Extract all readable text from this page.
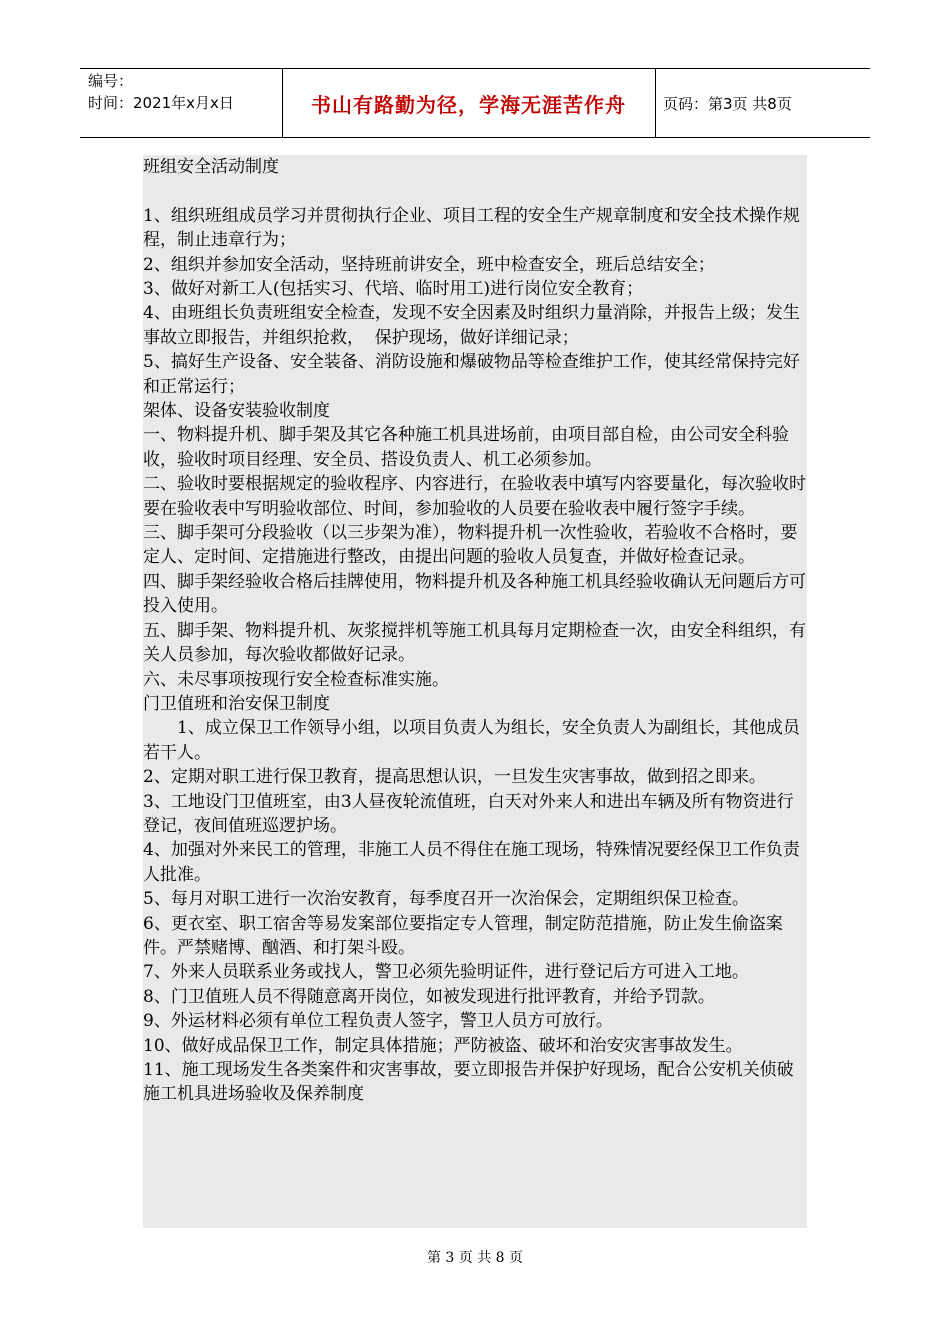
编号：
时间：2021年x月x日	书山有路勤为径，学海无涯苦作舟	页码：第3页 共8页

班组安全活动制度

1、组织班组成员学习并贯彻执行企业、项目工程的安全生产规章制度和安全技术操作规程，制止违章行为；

2、组织并参加安全活动，坚持班前讲安全，班中检查安全，班后总结安全；

3、做好对新工人(包括实习、代培、临时用工)进行岗位安全教育；

4、由班组长负责班组安全检查，发现不安全因素及时组织力量消除，并报告上级；发生事故立即报告，并组织抢救，  保护现场，做好详细记录；

5、搞好生产设备、安全装备、消防设施和爆破物品等检查维护工作，使其经常保持完好和正常运行；

架体、设备安装验收制度

一、物料提升机、脚手架及其它各种施工机具进场前，由项目部自检，由公司安全科验收，验收时项目经理、安全员、搭设负责人、机工必须参加。

二、验收时要根据规定的验收程序、内容进行，在验收表中填写内容要量化，每次验收时要在验收表中写明验收部位、时间，参加验收的人员要在验收表中履行签字手续。

三、脚手架可分段验收（以三步架为准），物料提升机一次性验收，若验收不合格时，要定人、定时间、定措施进行整改，由提出问题的验收人员复查，并做好检查记录。

四、脚手架经验收合格后挂牌使用，物料提升机及各种施工机具经验收确认无问题后方可投入使用。

五、脚手架、物料提升机、灰浆搅拌机等施工机具每月定期检查一次，由安全科组织，有关人员参加，每次验收都做好记录。

六、未尽事项按现行安全检查标准实施。

门卫值班和治安保卫制度

1、成立保卫工作领导小组，以项目负责人为组长，安全负责人为副组长，其他成员若干人。

2、定期对职工进行保卫教育，提高思想认识，一旦发生灾害事故，做到招之即来。

3、工地设门卫值班室，由3人昼夜轮流值班，白天对外来人和进出车辆及所有物资进行登记，夜间值班巡逻护场。

4、加强对外来民工的管理，非施工人员不得住在施工现场，特殊情况要经保卫工作负责人批准。

5、每月对职工进行一次治安教育，每季度召开一次治保会，定期组织保卫检查。

6、更衣室、职工宿舍等易发案部位要指定专人管理，制定防范措施，防止发生偷盗案件。严禁赌博、酗酒、和打架斗殴。

7、外来人员联系业务或找人，警卫必须先验明证件，进行登记后方可进入工地。

8、门卫值班人员不得随意离开岗位，如被发现进行批评教育，并给予罚款。

9、外运材料必须有单位工程负责人签字，警卫人员方可放行。

10、做好成品保卫工作，制定具体措施；严防被盗、破坏和治安灾害事故发生。

11、施工现场发生各类案件和灾害事故，要立即报告并保护好现场，配合公安机关侦破

施工机具进场验收及保养制度

第 3 页 共 8 页
